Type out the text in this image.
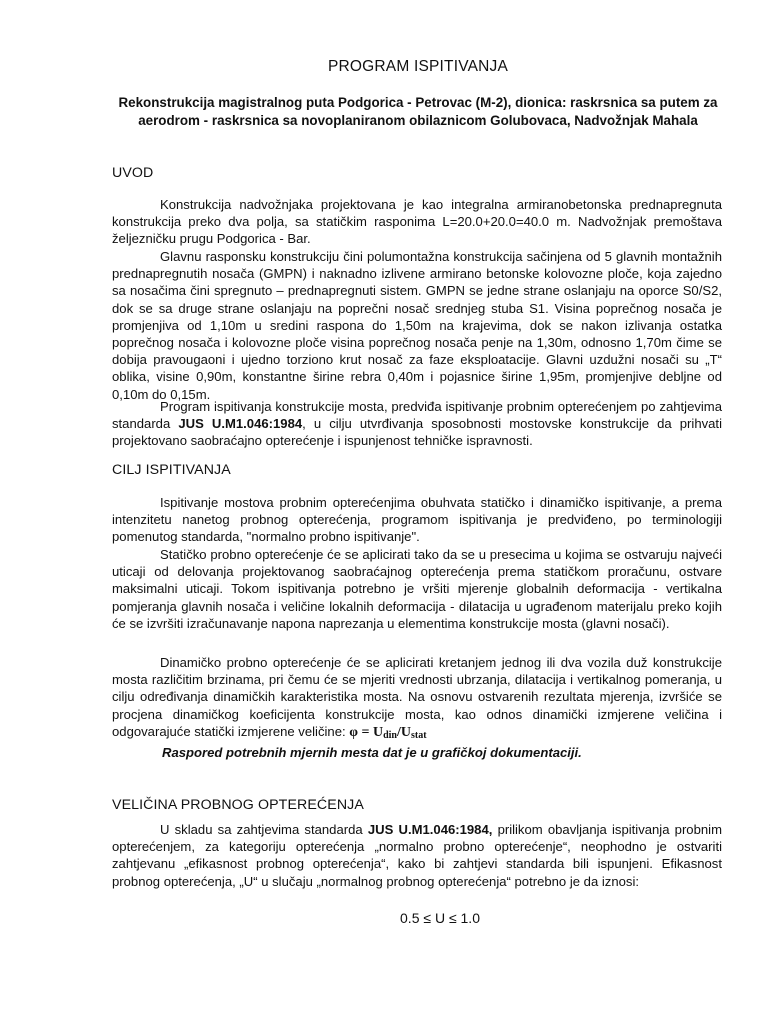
PROGRAM ISPITIVANJA
Rekonstrukcija magistralnog puta Podgorica - Petrovac (M-2), dionica: raskrsnica sa putem za aerodrom - raskrsnica sa novoplaniranom obilaznicom Golubovaca, Nadvožnjak Mahala
UVOD

Konstrukcija nadvožnjaka projektovana je kao integralna armiranobetonska prednapregnuta konstrukcija preko dva polja, sa statičkim rasponima L=20.0+20.0=40.0 m. Nadvožnjak premoštava željezničku prugu Podgorica - Bar.

Glavnu rasponsku konstrukciju čini polumontažna konstrukcija sačinjena od 5 glavnih montažnih prednapregnutih nosača (GMPN) i naknadno izlivene armirano betonske kolovozne ploče, koja zajedno sa nosačima čini spregnuto – prednapregnuti sistem. GMPN se jedne strane oslanjaju na oporce S0/S2, dok se sa druge strane oslanjaju na poprečni nosač srednjeg stuba S1. Visina poprečnog nosača je promjenjiva od 1,10m u sredini raspona do 1,50m na krajevima, dok se nakon izlivanja ostatka poprečnog nosača i kolovozne ploče visina poprečnog nosača penje na 1,30m, odnosno 1,70m čime se dobija pravougaoni i ujedno torziono krut nosač za faze eksploatacije. Glavni uzdužni nosači su „T“ oblika, visine 0,90m, konstantne širine rebra 0,40m i pojasnice širine 1,95m, promjenjive debljne od 0,10m do 0,15m.

Program ispitivanja konstrukcije mosta, predviđa ispitivanje probnim opterećenjem po zahtjevima standarda JUS U.M1.046:1984, u cilju utvrđivanja sposobnosti mostovske konstrukcije da prihvati projektovano saobraćajno opterećenje i ispunjenost tehničke ispravnosti.

CILJ ISPITIVANJA

Ispitivanje mostova probnim opterećenjima obuhvata statičko i dinamičko ispitivanje, a prema intenzitetu nanetog probnog opterećenja, programom ispitivanja je predviđeno, po terminologiji pomenutog standarda, "normalno probno ispitivanje".

Statičko probno opterećenje će se aplicirati tako da se u presecima u kojima se ostvaruju najveći uticaji od delovanja projektovanog saobraćajnog opterećenja prema statičkom proračunu, ostvare maksimalni uticaji. Tokom ispitivanja potrebno je vršiti mjerenje globalnih deformacija - vertikalna pomjeranja glavnih nosača i veličine lokalnih deformacija - dilatacija u ugrađenom materijalu preko kojih će se izvršiti izračunavanje napona naprezanja u elementima konstrukcije mosta (glavni nosači).

Dinamičko probno opterećenje će se aplicirati kretanjem jednog ili dva vozila duž konstrukcije mosta različitim brzinama, pri čemu će se mjeriti vrednosti ubrzanja, dilatacija i vertikalnog pomeranja, u cilju određivanja dinamičkih karakteristika mosta. Na osnovu ostvarenih rezultata mjerenja, izvršiće se procjena dinamičkog koeficijenta konstrukcije mosta, kao odnos dinamički izmjerene veličina i odgovarajuće statički izmjerene veličine: $\varphi = U_{din}/U_{stat}$

Raspored potrebnih mjernih mesta dat je u grafičkoj dokumentaciji.
VELIČINA PROBNOG OPTEREĆENJA

U skladu sa zahtjevima standarda JUS U.M1.046:1984, prilikom obavljanja ispitivanja probnim opterećenjem, za kategoriju opterećenja „normalno probno opterećenje“, neophodno je ostvariti zahtjevanu „efikasnost probnog opterećenja“, kako bi zahtjevi standarda bili ispunjeni. Efikasnost probnog opterećenja, „U“ u slučaju „normalnog probnog opterećenja“ potrebno je da iznosi:

0.5 ≤ U ≤ 1.0
